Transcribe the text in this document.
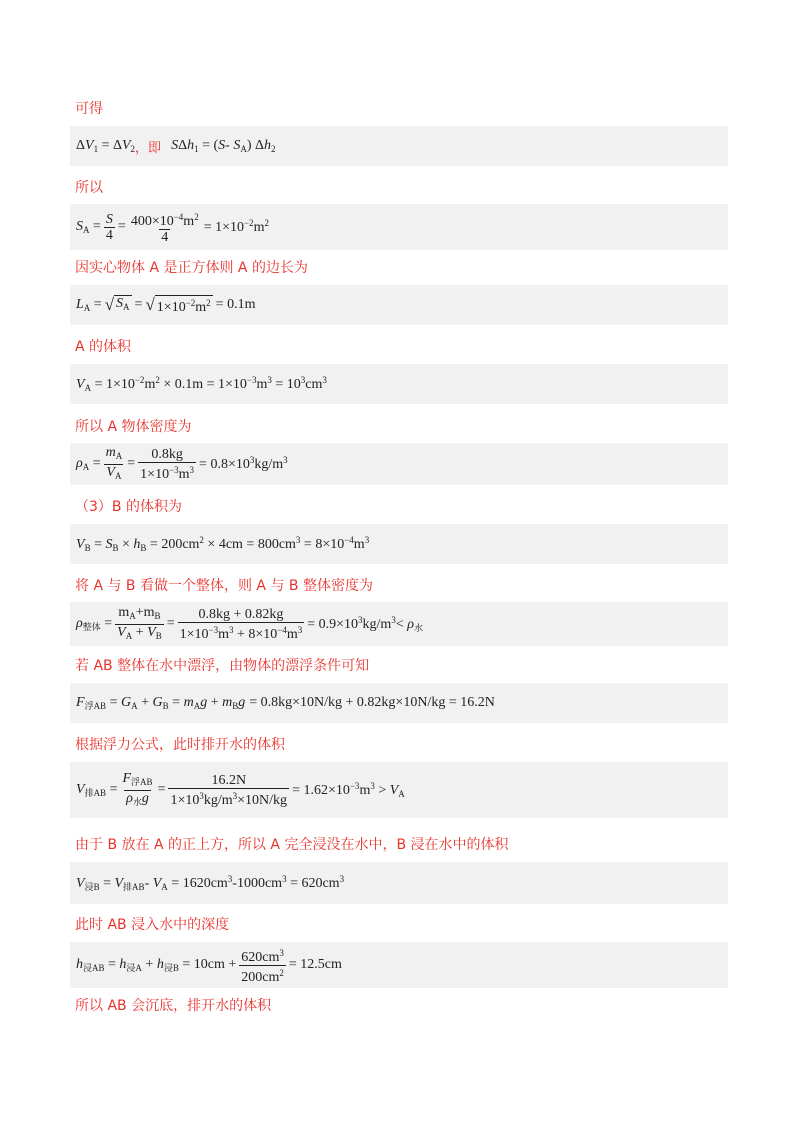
可得
$\Delta V_1 = \Delta V_2$ ，即 SΔh$_1$ = (S- $S_A$) $\Delta h_2$
所以
$S_A = \frac{S}{4} = \frac{400\times 10^{-4}m^2}{4} = 1\times 10^{-2}m^2$
因实心物体 A 是正方体则 A 的边长为
$L_A$ = √ $S_A$ = √ $1\times 10^{-2}m^2 = 0.1m$
A 的体积
$V_A = 1\times 10^{-2}m^2 \times 0.1m = 1\times 10^{-3}m^3 = 10^3cm^3$
所以 A 物体密度为
$\rho_A = \frac{m_A}{V_A} = \frac{0.8kg}{1\times 10^{-3}m^3} = 0.8\times 10^3kg/m^3$
（3）B 的体积为
$V_B = S_B \times h_B = 200cm^2 \times 4cm = 800cm^3 = 8\times 10^{-4}m^3$
将 A 与 B 看做一个整体，则 A 与 B 整体密度为
$\rho_{整体} = \frac{m_A+m_B}{V_A + V_B} = \frac{0.8kg + 0.82kg}{1\times 10^{-3}m^3 + 8\times 10^{-4}m^3} = 0.9\times 10^3kg/m^3< \rho_水$
若 AB 整体在水中漂浮，由物体的漂浮条件可知
$F_{浮AB} = G_A + G_B = m_Ag + m_Bg = 0.8kg\times 10N/kg + 0.82kg\times 10N/kg = 16.2N$
根据浮力公式，此时排开水的体积
$V_{排AB} = \frac{F_{浮AB}}{\rho_水g} = \frac{16.2N}{1\times 10^3kg/m^3\times 10N/kg} = 1.62\times 10^{-3}m^3 > V_A$
由于 B 放在 A 的正上方，所以 A 完全浸没在水中，B 浸在水中的体积
$V_{浸B} = V_{排AB}-$ $V_A = 1620cm^3-1000cm^3 = 620cm^3$
此时 AB 浸入水中的深度
$h_{浸AB} = h_{浸A} + h_{浸B} = 10cm + \frac{620cm^3}{200cm^2} = 12.5cm$
所以 AB 会沉底，排开水的体积
